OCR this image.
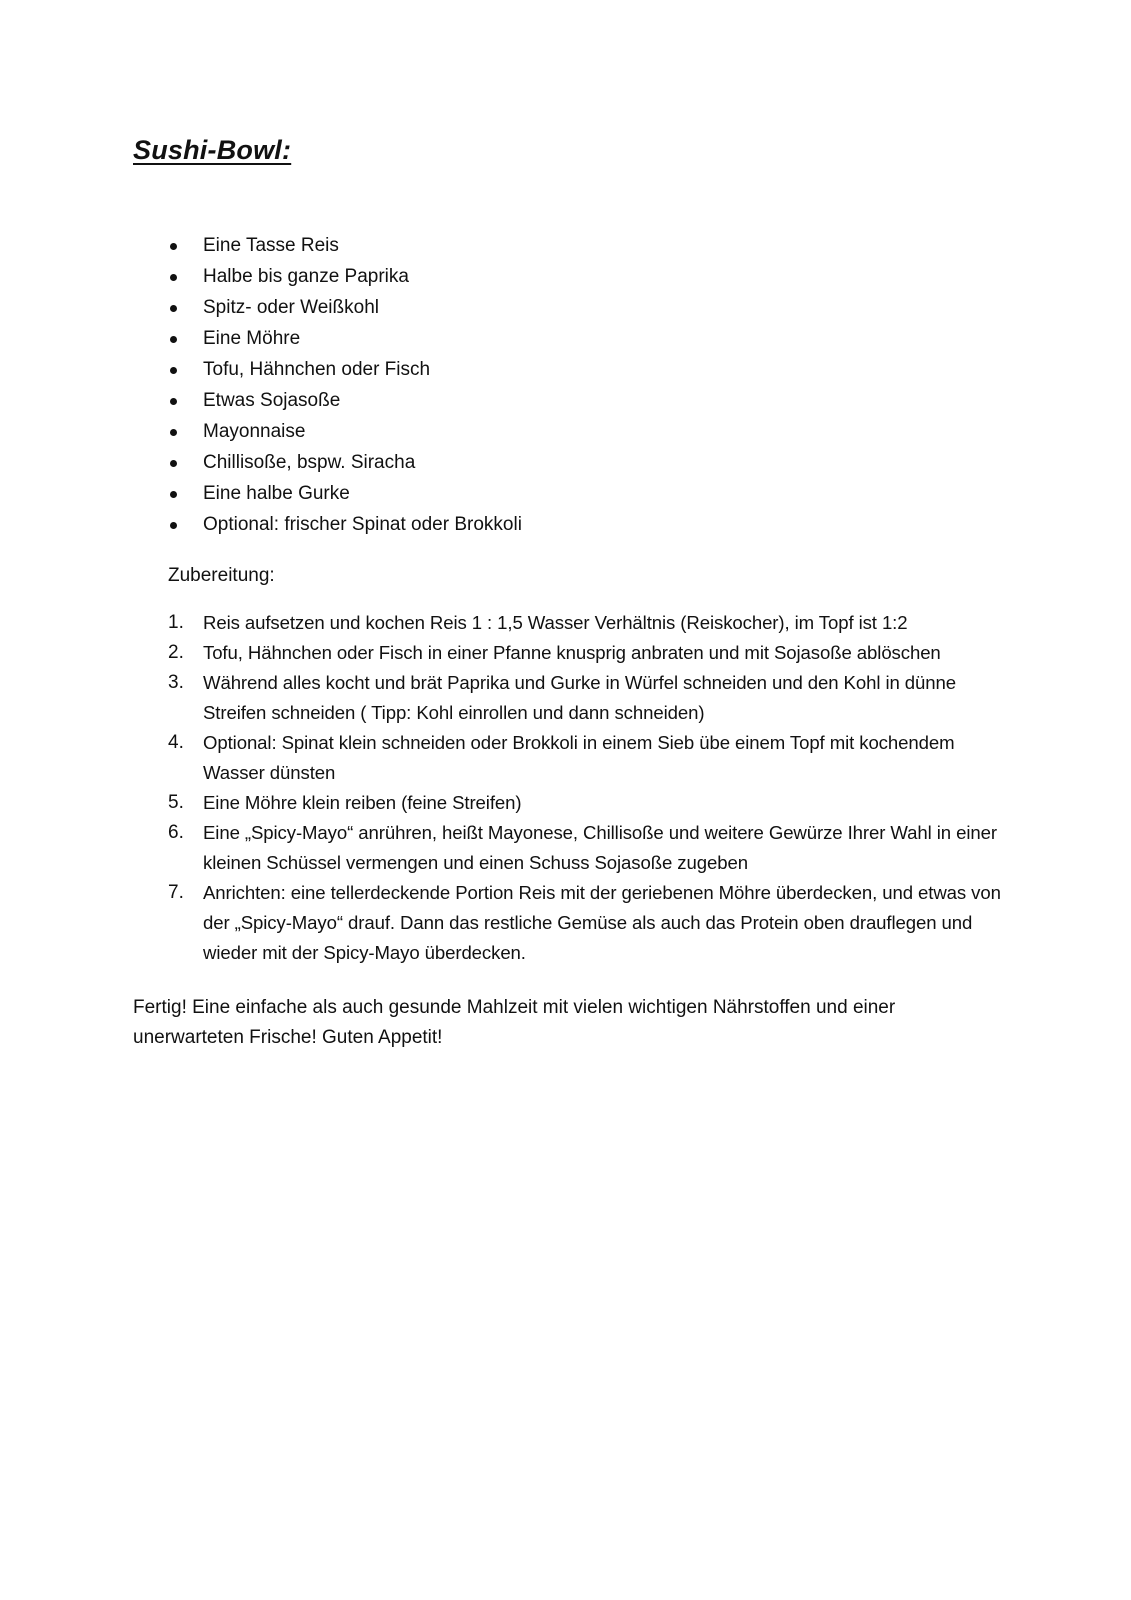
Sushi-Bowl:
Eine Tasse Reis
Halbe bis ganze Paprika
Spitz- oder Weißkohl
Eine Möhre
Tofu, Hähnchen oder Fisch
Etwas Sojasoße
Mayonnaise
Chillisoße, bspw. Siracha
Eine halbe Gurke
Optional: frischer Spinat oder Brokkoli

Zubereitung:

1. Reis aufsetzen und kochen Reis 1 : 1,5 Wasser Verhältnis (Reiskocher), im Topf ist 1:2
2. Tofu, Hähnchen oder Fisch in einer Pfanne knusprig anbraten und mit Sojasoße ablöschen
3. Während alles kocht und brät Paprika und Gurke in Würfel schneiden und den Kohl in dünne Streifen schneiden ( Tipp: Kohl einrollen und dann schneiden)
4. Optional: Spinat klein schneiden oder Brokkoli in einem Sieb übe einem Topf mit kochendem Wasser dünsten
5. Eine Möhre klein reiben (feine Streifen)
6. Eine „Spicy-Mayo“ anrühren, heißt Mayonese, Chillisoße und weitere Gewürze Ihrer Wahl in einer kleinen Schüssel vermengen und einen Schuss Sojasoße zugeben
7. Anrichten: eine tellerdeckende Portion Reis mit der geriebenen Möhre überdecken, und etwas von der „Spicy-Mayo“ drauf. Dann das restliche Gemüse als auch das Protein oben drauflegen und wieder mit der Spicy-Mayo überdecken.

Fertig! Eine einfache als auch gesunde Mahlzeit mit vielen wichtigen Nährstoffen und einer unerwarteten Frische! Guten Appetit!
